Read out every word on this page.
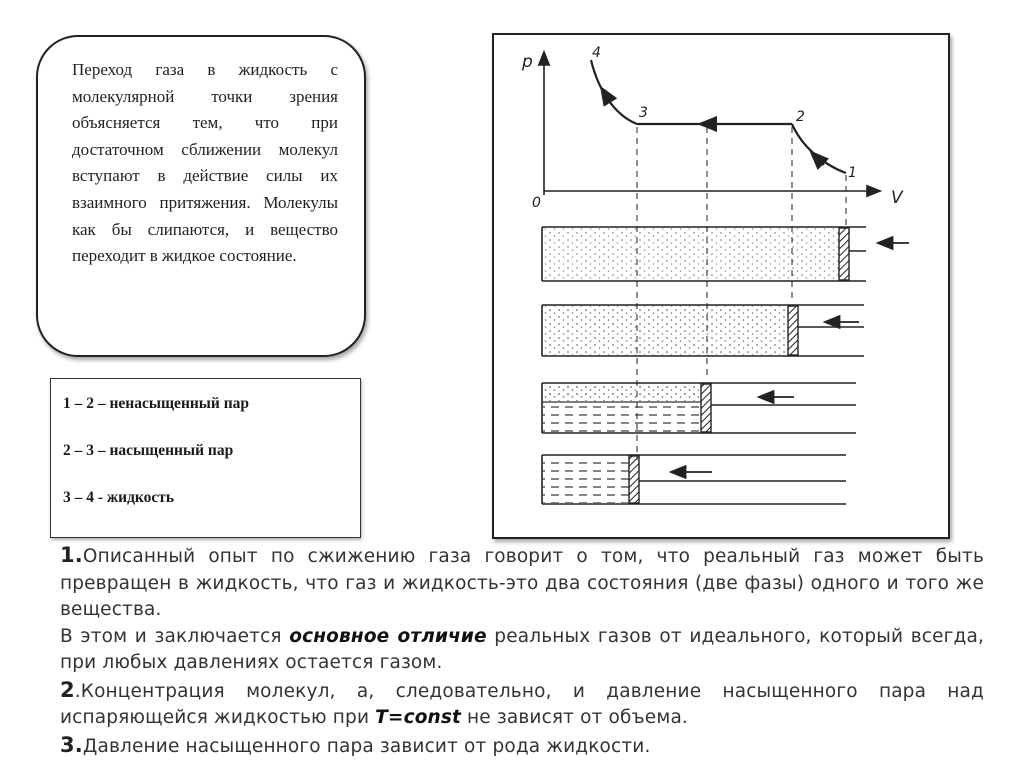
Переход газа в жидкость с молекулярной точки зрения объясняется тем, что при достаточном сближении молекул вступают в действие силы их взаимного притяжения. Молекулы как бы слипаются, и вещество переходит в жидкое состояние.
1 – 2 – ненасыщенный пар
2 – 3 – насыщенный пар
3 – 4 - жидкость
p
V
0
1
2
3
4

1.Описанный опыт по сжижению газа говорит о том, что реальный газ может быть превращен в жидкость, что газ и жидкость-это два состояния (две фазы) одного и того же вещества.

В этом и заключается основное отличие реальных газов от идеального, который всегда, при любых давлениях остается газом.

2.Концентрация молекул, а, следовательно, и давление насыщенного пара над испаряющейся жидкостью при T=const не зависят от объема.

3.Давление насыщенного пара зависит от рода жидкости.
